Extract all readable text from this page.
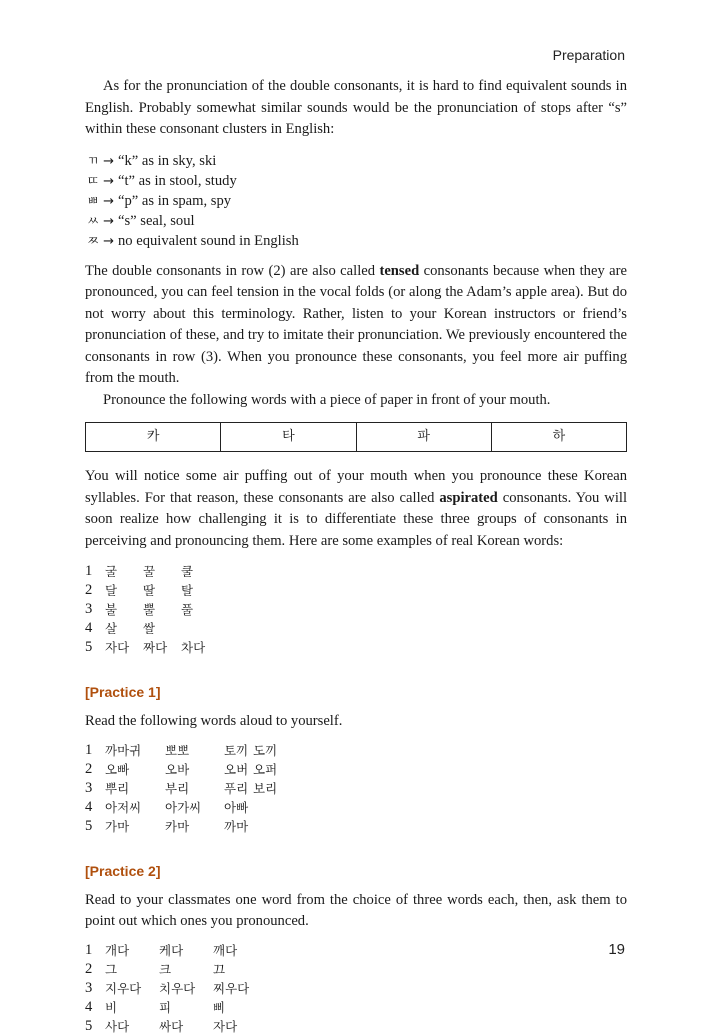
Preparation

As for the pronunciation of the double consonants, it is hard to find equivalent sounds in English. Probably somewhat similar sounds would be the pronunciation of stops after “s” within these consonant clusters in English:

ㄲ → “k” as in sky, ski
ㄸ → “t” as in stool, study
ㅃ → “p” as in spam, spy
ㅆ → “s” seal, soul
ㅉ → no equivalent sound in English

The double consonants in row (2) are also called tensed consonants because when they are pronounced, you can feel tension in the vocal folds (or along the Adam’s apple area). But do not worry about this terminology. Rather, listen to your Korean instructors or friend’s pronunciation of these, and try to imitate their pronunciation. We previously encountered the consonants in row (3). When you pronounce these consonants, you feel more air puffing from the mouth.

Pronounce the following words with a piece of paper in front of your mouth.

카	타	파	하

You will notice some air puffing out of your mouth when you pronounce these Korean syllables. For that reason, these consonants are also called aspirated consonants. You will soon realize how challenging it is to differentiate these three groups of consonants in perceiving and pronouncing them. Here are some examples of real Korean words:

1	굴	꿀	쿨
2	달	딸	탈
3	불	뿔	풀
4	살	쌀
5	자다	짜다	차다
[Practice 1]

Read the following words aloud to yourself.

1	까마귀	뽀뽀	토끼 도끼
2	오빠	오바	오버 오퍼
3	뿌리	부리	푸리 보리
4	아저씨	아가씨	아빠
5	가마	카마	까마
[Practice 2]

Read to your classmates one word from the choice of three words each, then, ask them to point out which ones you pronounced.

1	개다	케다	깨다
2	그	크	끄
3	지우다	치우다	찌우다
4	비	피	삐
5	사다	싸다	자다
19
